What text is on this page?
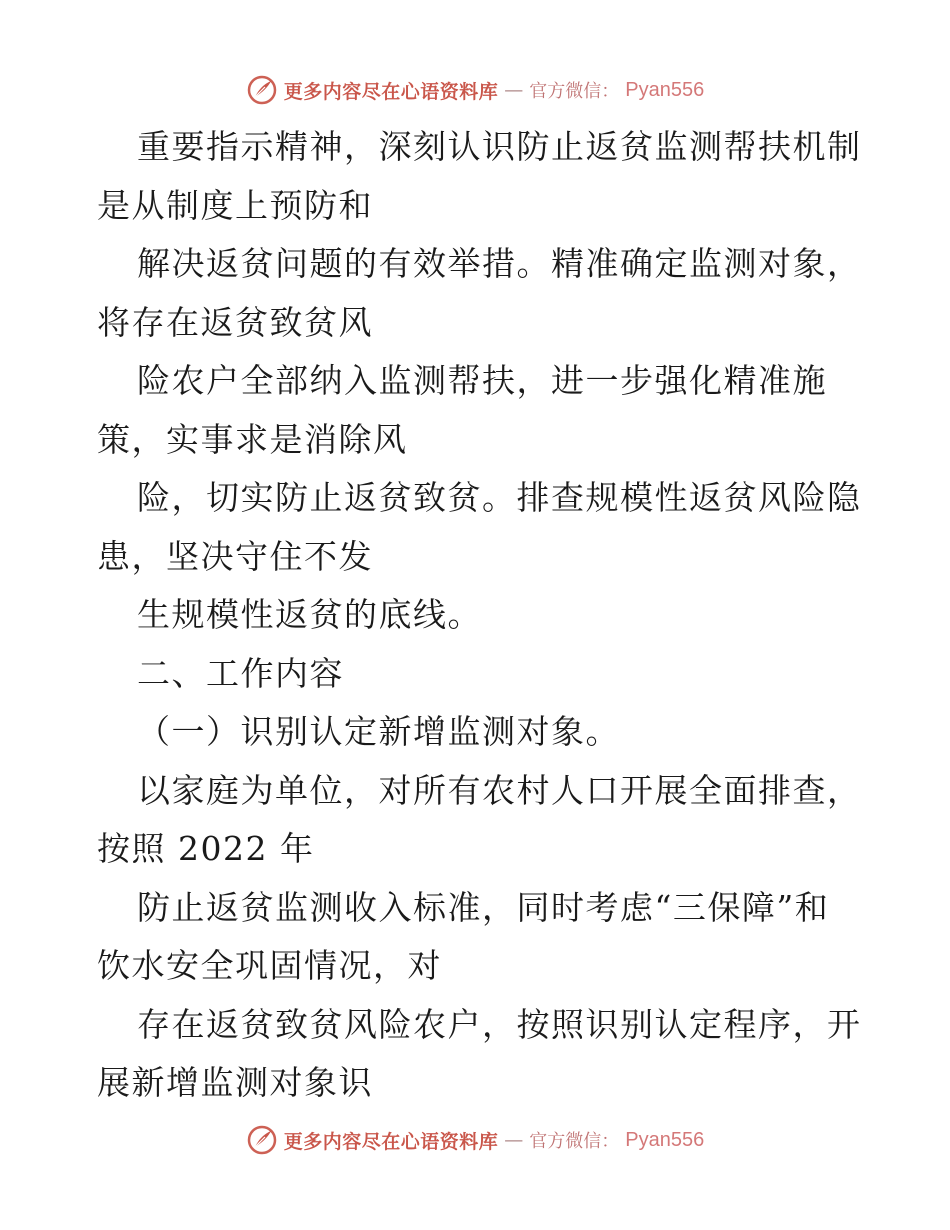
更多内容尽在心语资料库 — 官方微信： Pyan556
重要指示精神，深刻认识防止返贫监测帮扶机制
是从制度上预防和
解决返贫问题的有效举措。精准确定监测对象，
将存在返贫致贫风
险农户全部纳入监测帮扶，进一步强化精准施
策，实事求是消除风
险，切实防止返贫致贫。排查规模性返贫风险隐
患，坚决守住不发
生规模性返贫的底线。
二、工作内容
（一）识别认定新增监测对象。
以家庭为单位，对所有农村人口开展全面排查，
按照 2022 年
防止返贫监测收入标准，同时考虑“三保障”和
饮水安全巩固情况，对
存在返贫致贫风险农户，按照识别认定程序，开
展新增监测对象识
更多内容尽在心语资料库 — 官方微信： Pyan556
